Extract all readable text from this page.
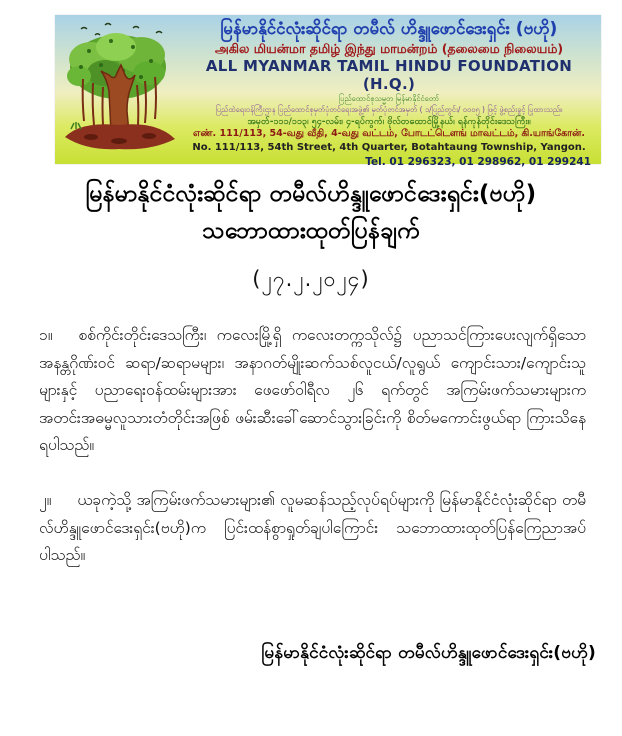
မြန်မာနိုင်ငံလုံးဆိုင်ရာ တမီလ် ဟိန္ဒူဖောင်ဒေးရှင်း (ဗဟို)
அகில மியன்மா தமிழ் இந்து மாமன்றம் (தலைமை நிலையம்)
ALL MYANMAR TAMIL HINDU FOUNDATION (H.Q.)
ပြည်ထောင်စုသမ္မတ မြန်မာနိုင်ငံတော်
ပြည်ထဲရေးဝန်ကြီးဌာန ပြည်ထောင်စုမှတ်ပုံတင်ရေးအဖွဲ့၏ မှတ်ပုံတင်အမှတ် ( ၁/ပြည်တွင်း/ ၀၀၀၅ ) ဖြင့် ဖွဲ့စည်းခွင့် ပြုထားသည်။
အမှတ်-၁၁၁/၁၁၃၊ ၅၄-လမ်း၊ ၄-ရပ်ကွက်၊ ဗိုလ်တထောင်မြို့နယ်၊ ရန်ကုန်တိုင်းဒေသကြီး။
எண். 111/113, 54-வது வீதி, 4-வது வட்டம், போடட்டௌங் மாவட்டம், கி.யாங்கோன்.
No. 111/113, 54th Street, 4th Quarter, Botahtaung Township, Yangon.
Tel. 01 296323, 01 298962, 01 299241
မြန်မာနိုင်ငံလုံးဆိုင်ရာ တမီလ်ဟိန္ဒူဖောင်ဒေးရှင်း(ဗဟို)
သဘောထားထုတ်ပြန်ချက်
(၂၇.၂.၂၀၂၄)
၁။ စစ်ကိုင်းတိုင်းဒေသကြီး၊ ကလေးမြို့ရှိ ကလေးတက္ကသိုလ်၌ ပညာသင်ကြားပေးလျက်ရှိသော အနန္တဂိုဏ်းဝင် ဆရာ/ဆရာမများ၊ အနာဂတ်မျိုးဆက်သစ်လူငယ်/လူရွယ် ကျောင်းသား/ကျောင်းသူများနှင့် ပညာရေးဝန်ထမ်းများအား ဖေဖော်ဝါရီလ ၂၆ ရက်တွင် အကြမ်းဖက်သမားများက အတင်းအဓမ္မလူသားတံတိုင်းအဖြစ် ဖမ်းဆီးခေါ်ဆောင်သွားခြင်းကို စိတ်မကောင်းဖွယ်ရာ ကြားသိနေရပါသည်။
၂။ ယခုကဲ့သို့ အကြမ်းဖက်သမားများ၏ လူမဆန်သည့်လုပ်ရပ်များကို မြန်မာနိုင်ငံလုံးဆိုင်ရာ တမီလ်ဟိန္ဒူဖောင်ဒေးရှင်း(ဗဟို)က ပြင်းထန်စွာရှုတ်ချပါကြောင်း သဘောထားထုတ်ပြန်ကြေညာအပ်ပါသည်။
မြန်မာနိုင်ငံလုံးဆိုင်ရာ တမီလ်ဟိန္ဒူဖောင်ဒေးရှင်း(ဗဟို)
